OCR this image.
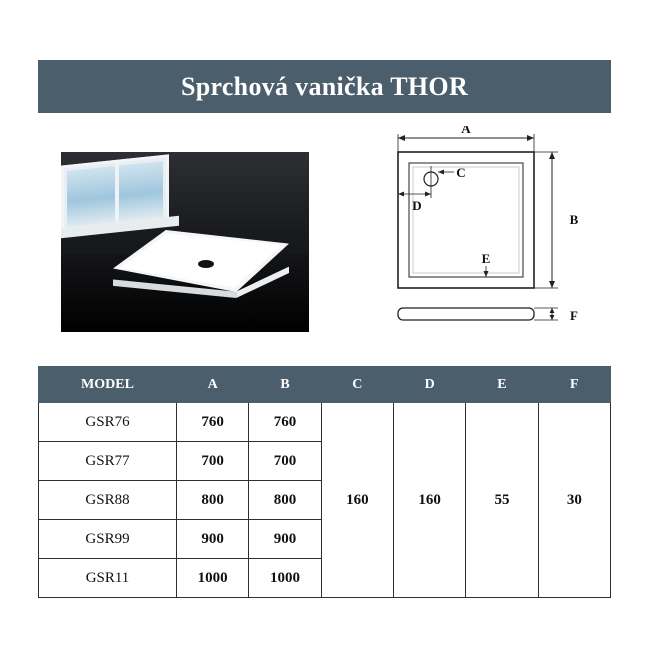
Sprchová vanička THOR
A
B
C
D
E
F
MODEL	A	B	C	D	E	F
GSR76	760	760	160	160	55	30
GSR77	700	700				
GSR88	800	800				
GSR99	900	900				
GSR11	1000	1000				
